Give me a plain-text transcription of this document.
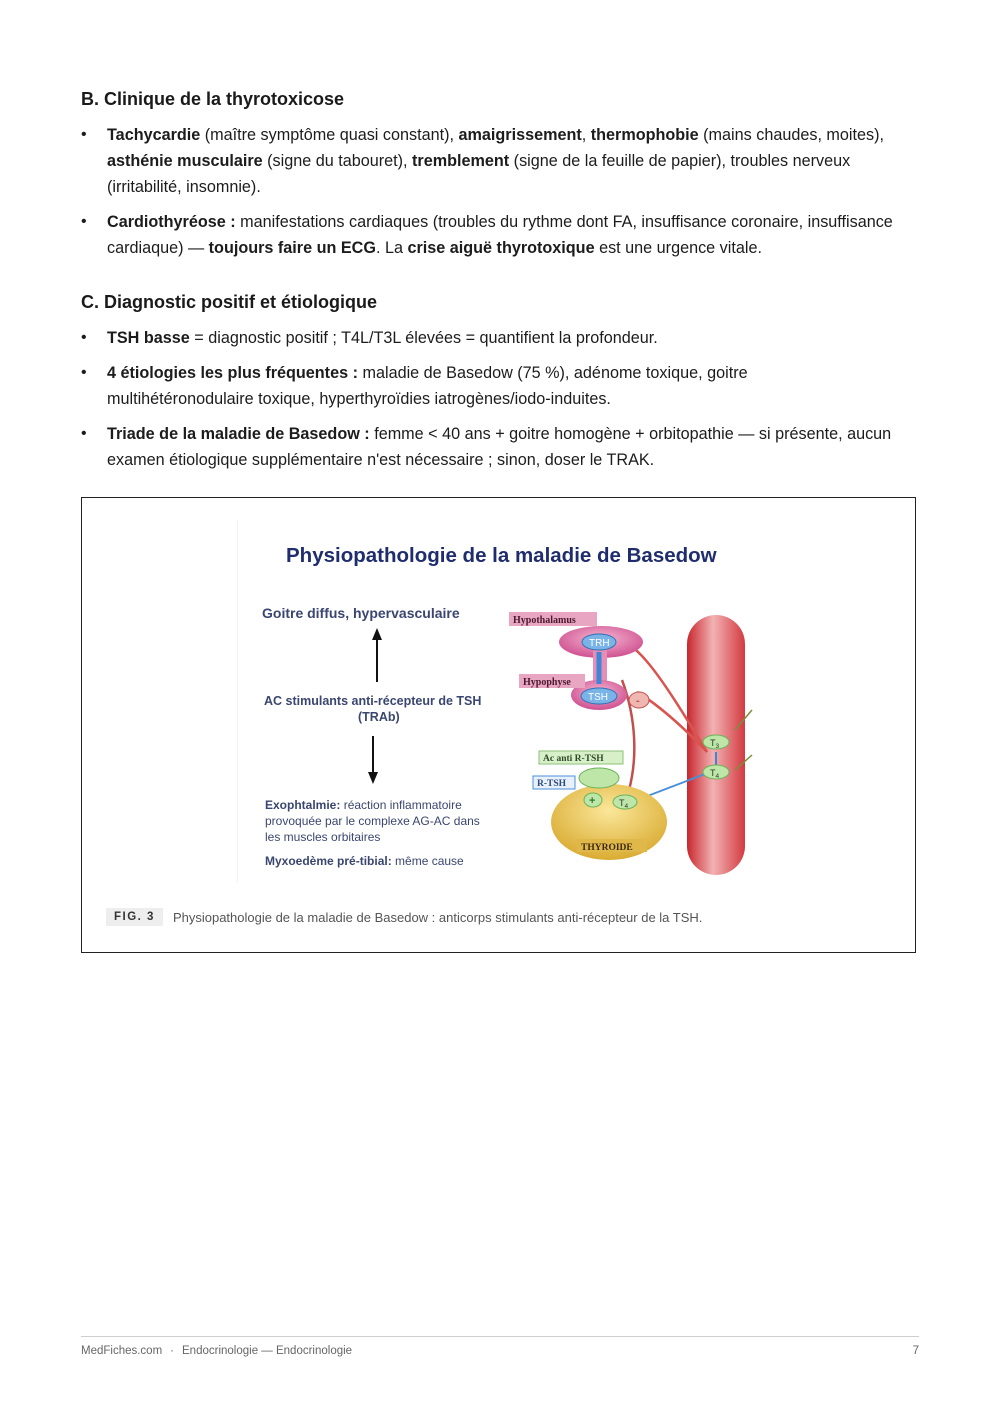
B. Clinique de la thyrotoxicose
• Tachycardie (maître symptôme quasi constant), amaigrissement, thermophobie (mains chaudes, moites), asthénie musculaire (signe du tabouret), tremblement (signe de la feuille de papier), troubles nerveux (irritabilité, insomnie).
• Cardiothyréose : manifestations cardiaques (troubles du rythme dont FA, insuffisance coronaire, insuffisance cardiaque) — toujours faire un ECG. La crise aiguë thyrotoxique est une urgence vitale.
C. Diagnostic positif et étiologique
• TSH basse = diagnostic positif ; T4L/T3L élevées = quantifient la profondeur.
• 4 étiologies les plus fréquentes : maladie de Basedow (75 %), adénome toxique, goitre multihétéronodulaire toxique, hyperthyroïdies iatrogènes/iodo-induites.
• Triade de la maladie de Basedow : femme < 40 ans + goitre homogène + orbitopathie — si présente, aucun examen étiologique supplémentaire n'est nécessaire ; sinon, doser le TRAK.
Physiopathologie de la maladie de Basedow
Goitre diffus, hypervasculaire
AC stimulants anti-récepteur de TSH
(TRAb)
Exophtalmie: réaction inflammatoire
provoquée par le complexe AG-AC dans
les muscles orbitaires
Myxoedème pré-tibial: même cause
Hypothalamus
Hypophyse
TRH
TSH	-
Ac anti R-TSH
R-TSH
THYROIDE
+	$T_4$
$T_3$
$T_4$
FIG. 3	Physiopathologie de la maladie de Basedow : anticorps stimulants anti-récepteur de la TSH.
MedFiches.com · Endocrinologie — Endocrinologie	7
